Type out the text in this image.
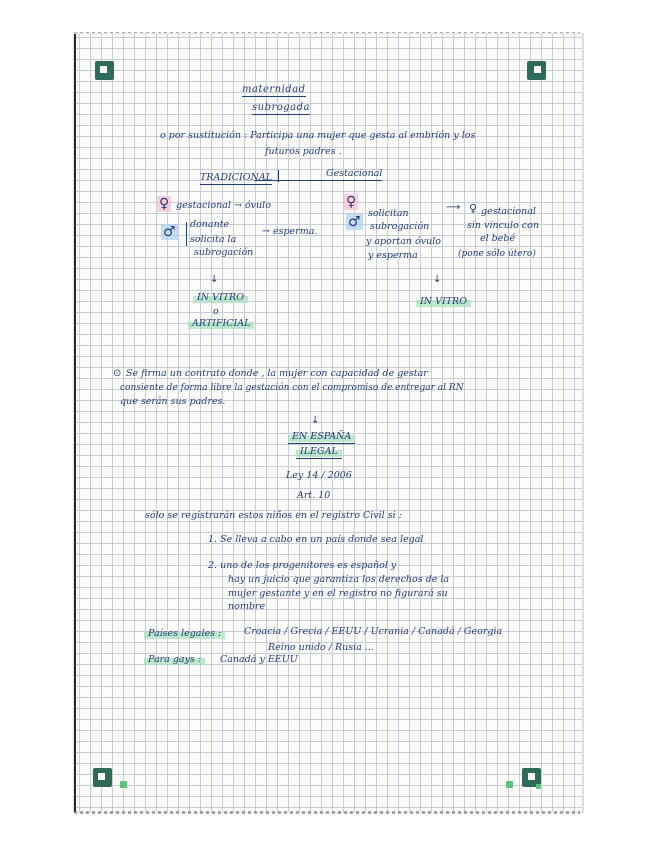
maternidad
subrogada
o por sustitución : Participa una mujer que gesta al embrión y los
futuros padres .
TRADICIONAL	Gestacional
♀ gestacional → óvulo
♂ donante
solicita la
subrogación
→ esperma.
↓
IN VITRO
o
ARTIFICIAL
♀
♂
solicitan
subrogación
y aportan óvulo
y esperma
⟶ ♀ gestacional
sin vínculo con
el bebé
(pone sólo útero)
↓
IN VITRO
⊙ Se firma un contrato donde , la mujer con capacidad de gestar
consiente de forma libre la gestación con el compromiso de entregar al RN
que serán sus padres.
↓
EN ESPAÑA
ILEGAL
Ley 14 / 2006
Art. 10
sólo se registrarán estos niños en el registro Civil si :
1. Se lleva a cabo en un país donde sea legal
2. uno de los progenitores es español y
hay un juicio que garantiza los derechos de la
mujer gestante y en el registro no figurará su
nombre
Países legales :	Croacia / Grecia / EEUU / Ucrania / Canadá / Georgia
Reino unido / Rusia ...
Para gays :	Canadá y EEUU
